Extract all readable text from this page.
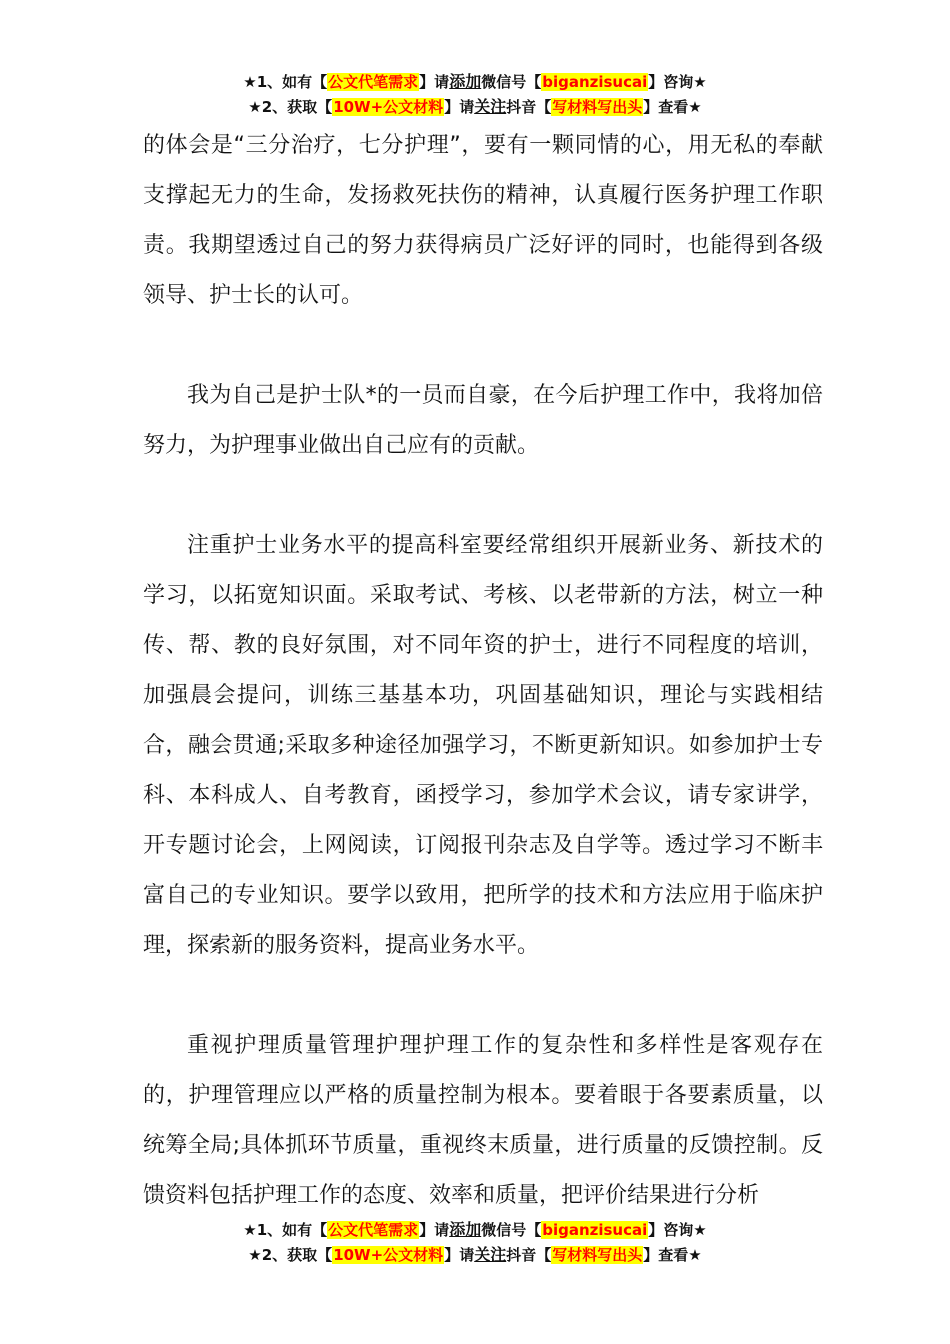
★1、如有【公文代笔需求】请添加微信号【biganzisucai】咨询★
★2、获取【10W+公文材料】请关注抖音【写材料写出头】查看★

的体会是“三分治疗，七分护理”，要有一颗同情的心，用无私的奉献支撑起无力的生命，发扬救死扶伤的精神，认真履行医务护理工作职责。我期望透过自己的努力获得病员广泛好评的同时，也能得到各级领导、护士长的认可。

我为自己是护士队*的一员而自豪，在今后护理工作中，我将加倍努力，为护理事业做出自己应有的贡献。

注重护士业务水平的提高科室要经常组织开展新业务、新技术的学习，以拓宽知识面。采取考试、考核、以老带新的方法，树立一种传、帮、教的良好氛围，对不同年资的护士，进行不同程度的培训，加强晨会提问，训练三基基本功，巩固基础知识，理论与实践相结合，融会贯通;采取多种途径加强学习，不断更新知识。如参加护士专科、本科成人、自考教育，函授学习，参加学术会议，请专家讲学，开专题讨论会，上网阅读，订阅报刊杂志及自学等。透过学习不断丰富自己的专业知识。要学以致用，把所学的技术和方法应用于临床护理，探索新的服务资料，提高业务水平。

重视护理质量管理护理护理工作的复杂性和多样性是客观存在的，护理管理应以严格的质量控制为根本。要着眼于各要素质量，以统筹全局;具体抓环节质量，重视终末质量，进行质量的反馈控制。反馈资料包括护理工作的态度、效率和质量，把评价结果进行分析

★1、如有【公文代笔需求】请添加微信号【biganzisucai】咨询★
★2、获取【10W+公文材料】请关注抖音【写材料写出头】查看★
